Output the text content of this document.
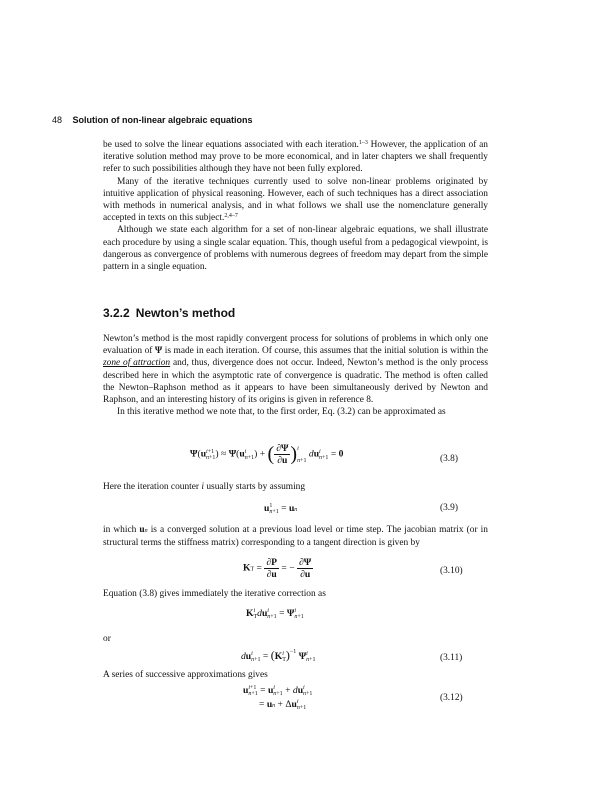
48 Solution of non-linear algebraic equations

be used to solve the linear equations associated with each iteration.$^{1-3}$ However, the application of an iterative solution method may prove to be more economical, and in later chapters we shall frequently refer to such possibilities although they have not been fully explored.

Many of the iterative techniques currently used to solve non-linear problems originated by intuitive application of physical reasoning. However, each of such techniques has a direct association with methods in numerical analysis, and in what follows we shall use the nomenclature generally accepted in texts on this subject.$^{2,4-7}$

Although we state each algorithm for a set of non-linear algebraic equations, we shall illustrate each procedure by using a single scalar equation. This, though useful from a pedagogical viewpoint, is dangerous as convergence of problems with numerous degrees of freedom may depart from the simple pattern in a single equation.

3.2.2 Newton’s method

Newton’s method is the most rapidly convergent process for solutions of problems in which only one evaluation of Ψ is made in each iteration. Of course, this assumes that the initial solution is within the zone of attraction and, thus, divergence does not occur. Indeed, Newton’s method is the only process described here in which the asymptotic rate of convergence is quadratic. The method is often called the Newton–Raphson method as it appears to have been simultaneously derived by Newton and Raphson, and an interesting history of its origins is given in reference 8.

In this iterative method we note that, to the first order, Eq. (3.2) can be approximated as

Ψ(u i+1
n+1 ) ≈ Ψ(u i
n+1 ) + ( $\frac{\partial\Psi}{\partial u}$ ) i
n+1
du i
n+1 = 0	(3.8)
Here the iteration counter i usually starts by assuming
u 1
n+1 = un	(3.9)

in which un is a converged solution at a previous load level or time step. The jacobian matrix (or in structural terms the stiffness matrix) corresponding to a tangent direction is given by

KT = $\frac{\partial P}{\partial u}$ = − $\frac{\partial\Psi}{\partial u}$	(3.10)
Equation (3.8) gives immediately the iterative correction as
K i
T du i
n+1 = Ψ i
n+1
or
du i
n+1 = (K i
T )$^{-1}$ Ψ i
n+1	(3.11)
A series of successive approximations gives
u i+1
n+1 = u i
n+1 + du i
n+1
= un + Δu i
n+1
(3.12)
